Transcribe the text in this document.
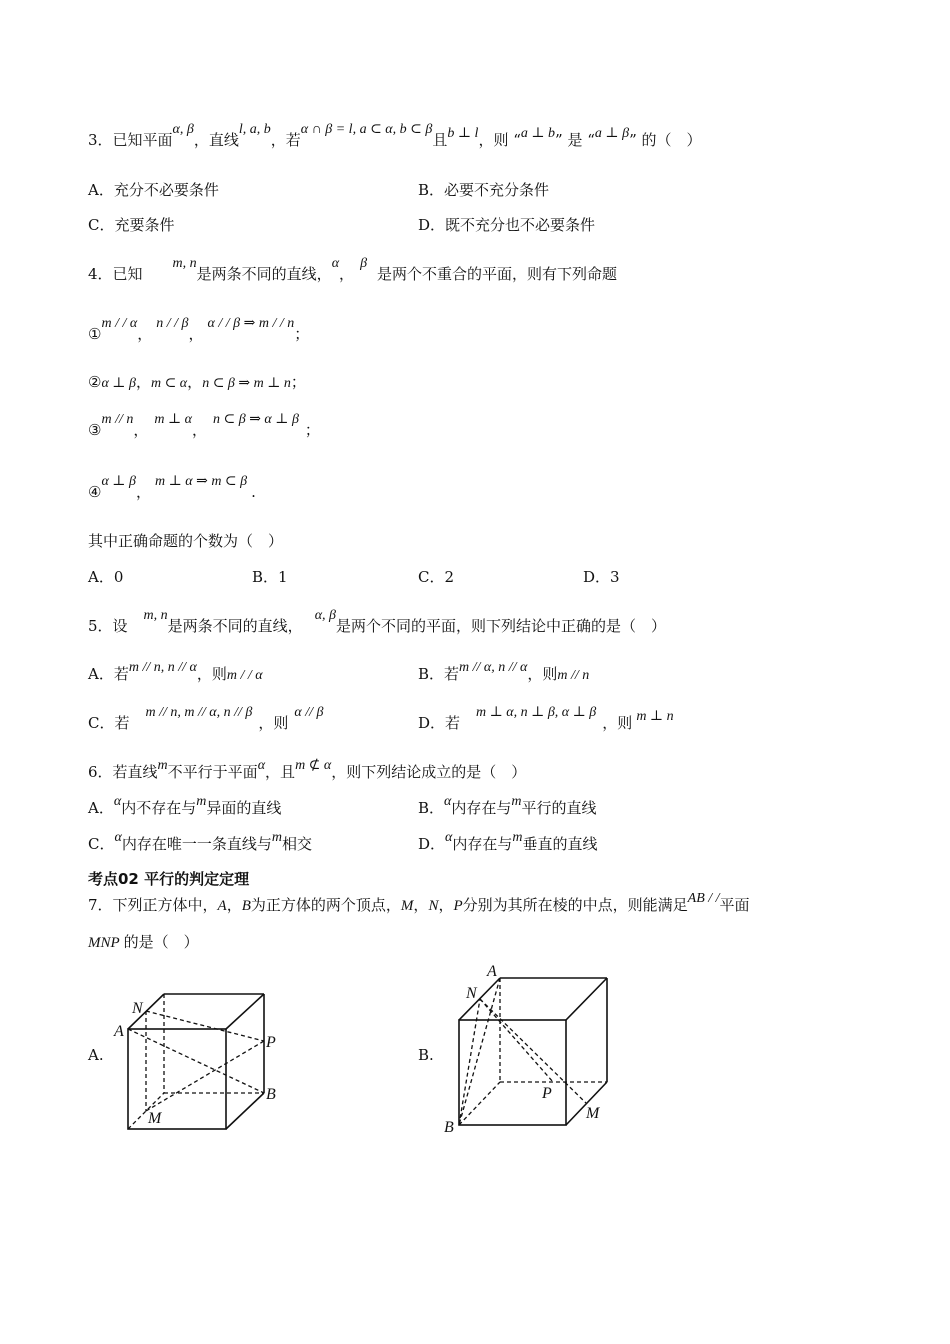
3．已知平面α, β，直线l, a, b，若α ∩ β = l, a ⊂ α, b ⊂ β且b ⊥ l，则 “a ⊥ b” 是 “a ⊥ β” 的（　）
A．充分不必要条件	B．必要不充分条件
C．充要条件	D．既不充分也不必要条件
4．已知m, n是两条不同的直线，α，β是两个不重合的平面，则有下列命题
①m / / α，n / / β，α / / β ⇒ m / / n；
②α ⊥ β，m ⊂ α，n ⊂ β ⇒ m ⊥ n；
③m // n，m ⊥ α，n ⊂ β ⇒ α ⊥ β；
④α ⊥ β，m ⊥ α ⇒ m ⊂ β.
其中正确命题的个数为（　）
A．0	B．1	C．2	D．3
5．设m, n是两条不同的直线，α, β是两个不同的平面，则下列结论中正确的是（　）
A．若m // n, n // α，则m / / α	B．若m // α, n // α，则m // n
C．若m // n, m // α, n // β，则α // β
D．若m ⊥ α, n ⊥ β, α ⊥ β，则 m ⊥ n
6．若直线m不平行于平面α，且m ⊄ α，则下列结论成立的是（　）
A．α内不存在与m异面的直线	B．α内存在与m平行的直线
C．α内存在唯一一条直线与m相交	D．α内存在与m垂直的直线
考点02 平行的判定定理
7．下列正方体中，A，B为正方体的两个顶点，M，N，P分别为其所在棱的中点，则能满足AB / /平面
MNP 的是（　）
A.
N
A
P
B
M
B.
A
N
P
M
B
